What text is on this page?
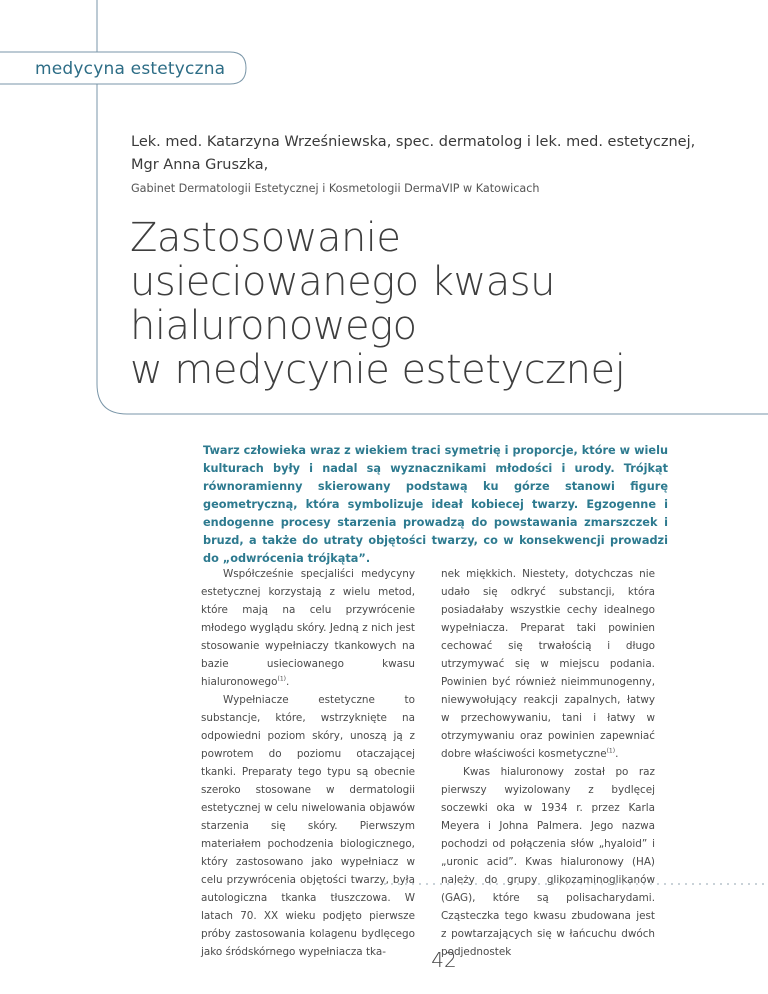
medycyna estetyczna
Lek. med. Katarzyna Wrześniewska, spec. dermatolog i lek. med. estetycznej,
Mgr Anna Gruszka,
Gabinet Dermatologii Estetycznej i Kosmetologii DermaVIP w Katowicach
Zastosowanie
usieciowanego kwasu
hialuronowego
w medycynie estetycznej
Twarz człowieka wraz z wiekiem traci symetrię i proporcje, które w wielu kulturach były i nadal są wyznacznikami młodości i urody. Trójkąt równoramienny skierowany podstawą ku górze stanowi figurę geometryczną, która symbolizuje ideał kobiecej twarzy. Egzogenne i endogenne procesy starzenia prowadzą do powstawania zmarszczek i bruzd, a także do utraty objętości twarzy, co w konsekwencji prowadzi do „odwrócenia trójkąta”.

Współcześnie specjaliści medycyny estetycznej korzystają z wielu metod, które mają na celu przywrócenie młodego wyglądu skóry. Jedną z nich jest stosowanie wypełniaczy tkankowych na bazie usieciowanego kwasu hialuronowego$^{(1)}$.

Wypełniacze estetyczne to substancje, które, wstrzyknięte na odpowiedni poziom skóry, unoszą ją z powrotem do poziomu otaczającej tkanki. Preparaty tego typu są obecnie szeroko stosowane w dermatologii estetycznej w celu niwelowania objawów starzenia się skóry. Pierwszym materiałem pochodzenia biologicznego, który zastosowano jako wypełniacz w celu przywrócenia objętości twarzy, była autologiczna tkanka tłuszczowa. W latach 70. XX wieku podjęto pierwsze próby zastosowania kolagenu bydlęcego jako śródskórnego wypełniacza tka-

nek miękkich. Niestety, dotychczas nie udało się odkryć substancji, która posiadałaby wszystkie cechy idealnego wypełniacza. Preparat taki powinien cechować się trwałością i długo utrzymywać się w miejscu podania. Powinien być również nieimmunogenny, niewywołujący reakcji zapalnych, łatwy w przechowywaniu, tani i łatwy w otrzymywaniu oraz powinien zapewniać dobre właściwości kosmetyczne$^{(1)}$.

Kwas hialuronowy został po raz pierwszy wyizolowany z bydlęcej soczewki oka w 1934 r. przez Karla Meyera i Johna Palmera. Jego nazwa pochodzi od połączenia słów „hyaloid” i „uronic acid”. Kwas hialuronowy (HA) należy do grupy glikozaminoglikanów (GAG), które są polisacharydami. Cząsteczka tego kwasu zbudowana jest z powtarzających się w łańcuchu dwóch podjednostek

42
